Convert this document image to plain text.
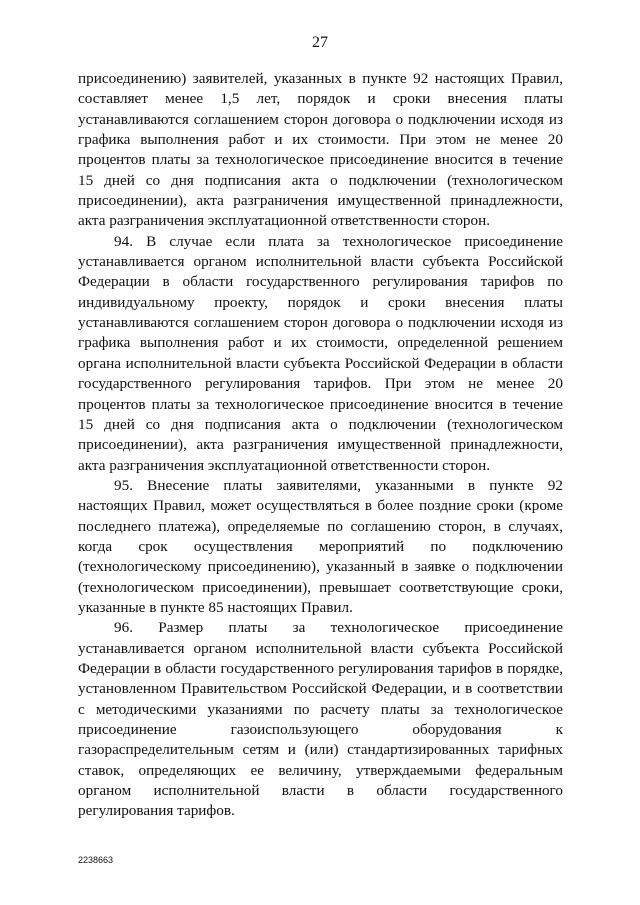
27

присоединению) заявителей, указанных в пункте 92 настоящих Правил, составляет менее 1,5 лет, порядок и сроки внесения платы устанавливаются соглашением сторон договора о подключении исходя из графика выполнения работ и их стоимости. При этом не менее 20 процентов платы за технологическое присоединение вносится в течение 15 дней со дня подписания акта о подключении (технологическом присоединении), акта разграничения имущественной принадлежности, акта разграничения эксплуатационной ответственности сторон.

94. В случае если плата за технологическое присоединение устанавливается органом исполнительной власти субъекта Российской Федерации в области государственного регулирования тарифов по индивидуальному проекту, порядок и сроки внесения платы устанавливаются соглашением сторон договора о подключении исходя из графика выполнения работ и их стоимости, определенной решением органа исполнительной власти субъекта Российской Федерации в области государственного регулирования тарифов. При этом не менее 20 процентов платы за технологическое присоединение вносится в течение 15 дней со дня подписания акта о подключении (технологическом присоединении), акта разграничения имущественной принадлежности, акта разграничения эксплуатационной ответственности сторон.

95. Внесение платы заявителями, указанными в пункте 92 настоящих Правил, может осуществляться в более поздние сроки (кроме последнего платежа), определяемые по соглашению сторон, в случаях, когда срок осуществления мероприятий по подключению (технологическому присоединению), указанный в заявке о подключении (технологическом присоединении), превышает соответствующие сроки, указанные в пункте 85 настоящих Правил.

96. Размер платы за технологическое присоединение устанавливается органом исполнительной власти субъекта Российской Федерации в области государственного регулирования тарифов в порядке, установленном Правительством Российской Федерации, и в соответствии с методическими указаниями по расчету платы за технологическое присоединение газоиспользующего оборудования к газораспределительным сетям и (или) стандартизированных тарифных ставок, определяющих ее величину, утверждаемыми федеральным органом исполнительной власти в области государственного регулирования тарифов.

2238663
